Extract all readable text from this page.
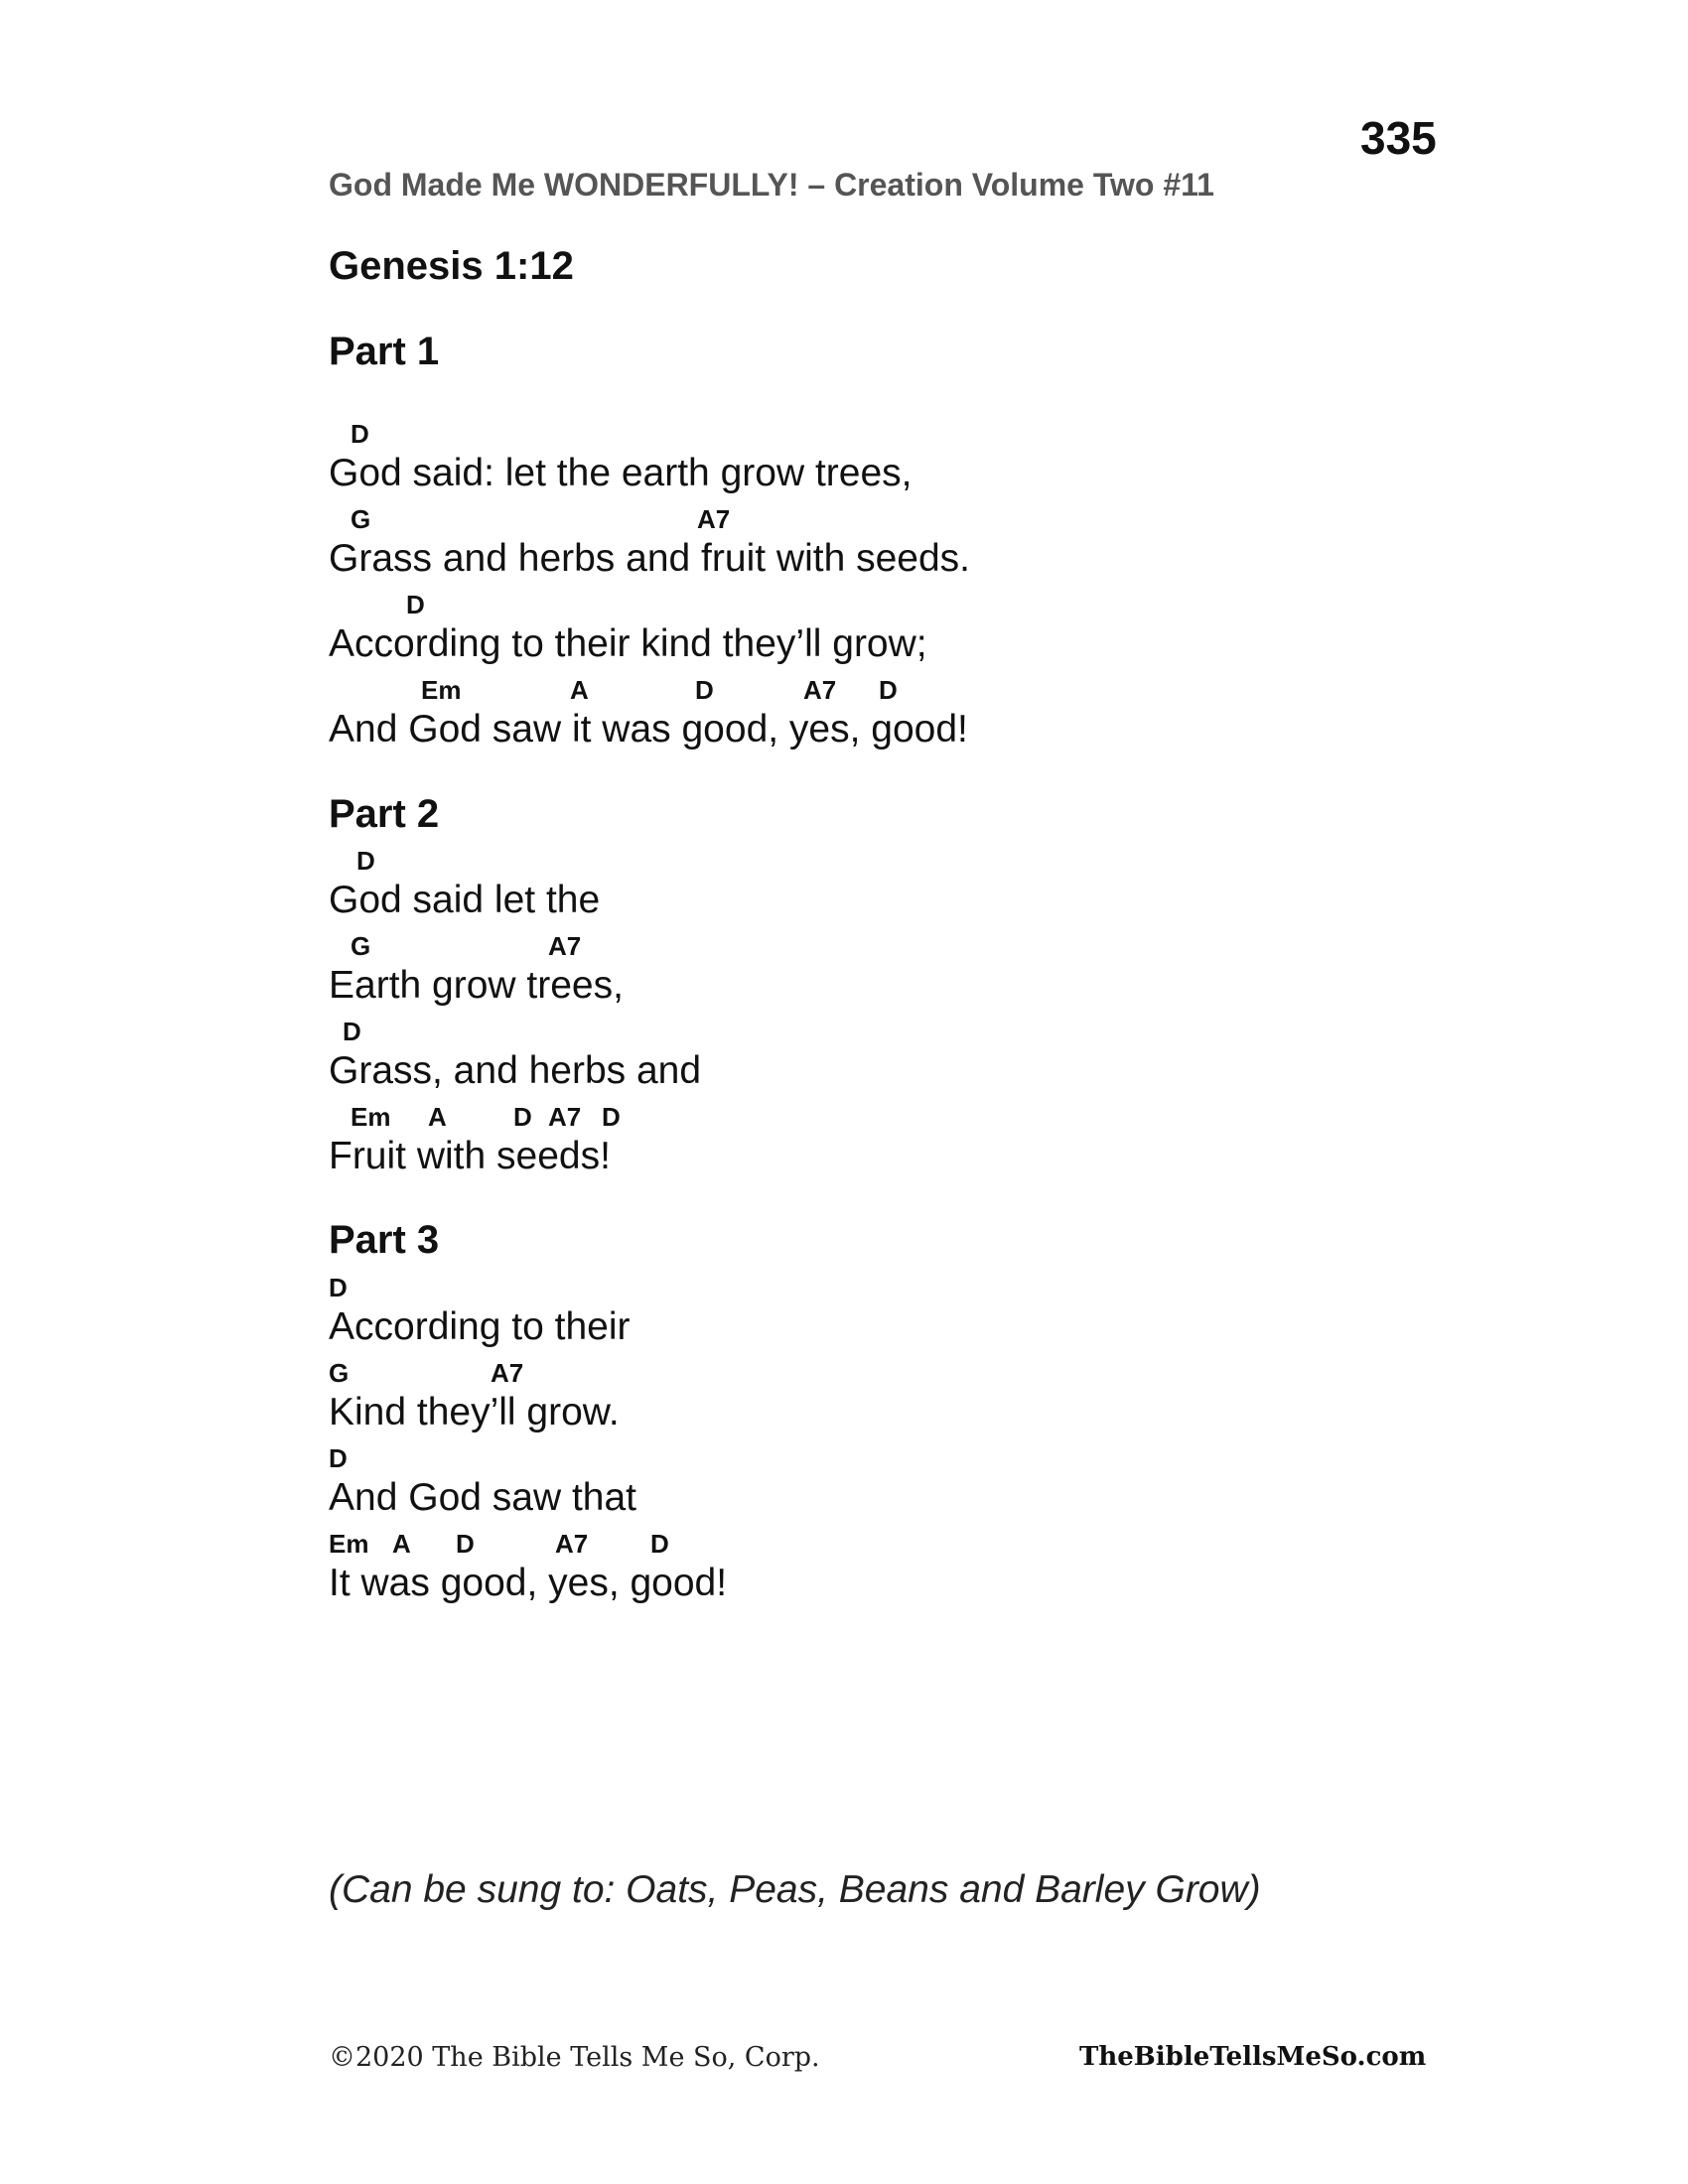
335
God Made Me WONDERFULLY! – Creation Volume Two #11
Genesis 1:12
Part 1
D
God said: let the earth grow trees,
G	A7
Grass and herbs and fruit with seeds.
D
According to their kind they’ll grow;
Em	A	D	A7 D
And God saw it was good, yes, good!
Part 2
D
God said let the
G	A7
Earth grow trees,
D
Grass, and herbs and
Em A	D A7 D
Fruit with seeds!
Part 3
D
According to their
G	A7
Kind they’ll grow.
D
And God saw that
Em A D	A7 D
It was good, yes, good!
(Can be sung to: Oats, Peas, Beans and Barley Grow)
©2020 The Bible Tells Me So, Corp.	TheBibleTellsMeSo.com
